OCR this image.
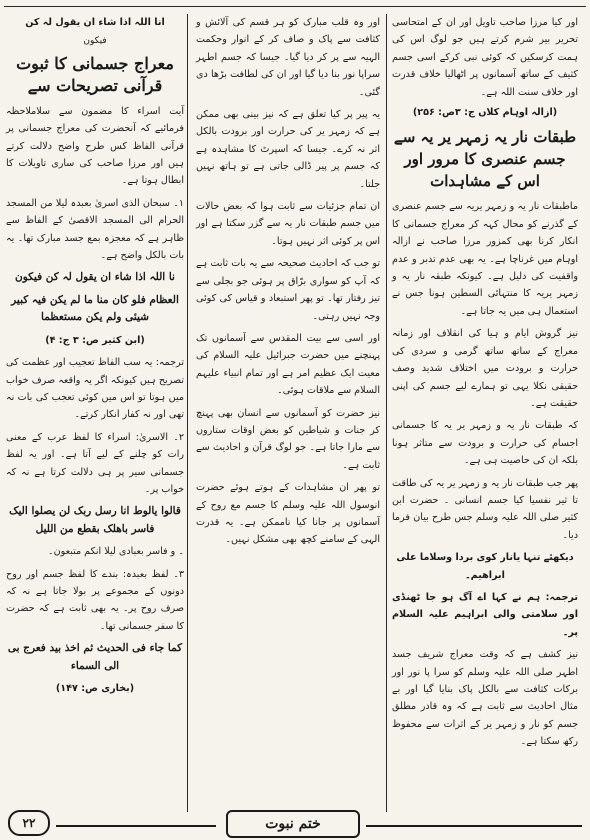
اور کیا مرزا صاحب تاویل اور ان کے امتحاسی تحریر بیر شرم کرتے ہیں جو لوگ اس کی ہمت کرسکیں کہ کوئی نبی کرکے اسی جسم کثیف کے ساتھ آسمانوں پر اٹھالیا خلاف قدرت اور خلاف سنت اللہ ہے۔

(ازالہ اوہام کلاں ج: ۳ص: ۲۵۶)

طبقات نار یہ زمہر یر یہ سے جسم عنصری کا مرور اور اس کے مشاہدات

ماطبقات نار یہ و زمہر یریہ سے جسم عنصری کے گذرنے کو محال کہہ کر معراج جسمانی کا انکار کرنا بھی کمزور مرزا صاحب نے ازالہ اوہام میں غرناچا ہے۔ یہ بھی عدم تدبر و عدم واقفیت کی دلیل ہے۔ کیونکہ طبقہ نار یہ و زمہر یریہ کا منتہائی السطین ہونا جس نے استعمال ہی میں یہ جاتا ہے۔

نیز گروش ایام و ہیا کی انقلاف اور زمانہ معراج کے ساتھ ساتھ گرمی و سردی کی حرارت و برودت میں اختلاف شدید وصف حقیقی نکلا یہی تو ہمارے لیے جسم کی اپنی حقیقت ہے۔

کہ طبقات نار یہ و زمہر یر یہ کا جسمانی اجسام کی حرارت و برودت سے متاثر ہونا بلکہ ان کی حاصیت ہی ہے۔

پھر جب طبقات نار یہ و زمہر یر یہ کی طاقت تا ثیر نفسیا کیا جسم انسانی ۔ حضرت ابن کثیر صلی اللہ علیہ وسلم جس طرح بیان فرما دیا۔

دیکھئے تنہا یانار کوی بردا وسلاما علی ابراھیم۔

ترجمہ: ہم نے کہا اے آگ ہو جا ٹھنڈی اور سلامتی والی ابراہیم علیہ السلام پر۔

نیز کشف ہے کہ وقت معراج شریف جسد اطہر صلی اللہ علیہ وسلم کو سرا پا نور اور برکات کثافت سے بالکل پاک بنایا گیا اور بے مثال احادیث سے ثابت ہے کہ وہ قادر مطلق جسم کو نار و زمہر یر کے اثرات سے محفوظ رکھ سکتا ہے۔

اور وہ قلب مبارک کو ہر قسم کی آلائش و کثافت سے پاک و صاف کر کے انوار وحکمت الہیہ سے پر کر دیا گیا۔ جیسا کہ جسم اطہر سراپا نور بنا دیا گیا اور ان کی لطافت بڑھا دی گئی۔

یہ پیر پر کیا تعلق ہے کہ نیز بینی بھی ممکن ہے کہ زمہر یر کی حرارت اور برودت بالکل اثر نہ کرے۔ جیسا کہ اسپرٹ کا مشاہدہ ہے کہ جسم پر پیر ڈالی جاتی ہے تو ہاتھ نہیں جلتا۔

ان تمام جزئیات سے ثابت ہوا کہ بعض حالات میں جسم طبقات نار یہ سے گزر سکتا ہے اور اس پر کوئی اثر نہیں ہوتا۔

تو جب کہ احادیث صحیحہ سے یہ بات ثابت ہے کہ آپ کو سواری برّاق پر ہوئی جو بجلی سے تیز رفتار تھا۔ تو پھر استبعاد و قیاس کی کوئی وجہ نہیں رہتی۔

اور اسی سے بیت المقدس سے آسمانوں تک پہنچنے میں حضرت جبرائیل علیہ السلام کی معیت ایک عظیم امر ہے اور تمام انبیاء علیہم السلام سے ملاقات ہوئی۔

نیز حضرت کو آسمانوں سے انسان بھی پہنچ کر جنات و شیاطین کو بعض اوقات ستاروں سے مارا جاتا ہے۔ جو لوگ قرآن و احادیث سے ثابت ہے۔

تو پھر ان مشاہدات کے ہوتے ہوئے حضرت انوسول اللہ علیہ وسلم کا جسم مع روح کے آسمانوں پر جانا کیا ناممکن ہے۔ یہ قدرت الہی کے سامنے کچھ بھی مشکل نہیں۔

انا اللہ اذا شاء ان یقول لہ کن
فیکون
معراج جسمانی کا ثبوت قرآنی تصریحات سے

آیت اسراء کا مضمون سے سلاملاحظہ فرمائیے کہ آنحضرت کی معراج جسمانی پر قرآنی الفاظ کس طرح واضح دلالت کرتے ہیں اور مرزا صاحب کی ساری تاویلات کا ابطال ہوتا ہے۔

۱۔ سبحان الذی اسریٰ بعبدہ لیلا من المسجد الحرام الی المسجد الاقصیٰ کے الفاظ سے ظاہر ہے کہ معجزہ بمع جسد مبارک تھا۔ یہ بات بالکل واضح ہے۔

نا اللہ اذا شاء ان یقول لہ کن فیکون

العظام فلو کان منا ما لم یکن فیہ کبیر شیئی ولم یکن مستعظما

(ابن کثیر ص: ۳ ج: ۴)

ترجمہ: یہ سب الفاظ تعجیب اور عظمت کی تصریح ہیں کیونکہ اگر یہ واقعہ صرف خواب میں ہوتا تو اس میں کوئی تعجب کی بات نہ تھی اور نہ کفار انکار کرتے۔

۲۔ الاسریٰ: اسراء کا لفظ عرب کے معنی رات کو چلنے کے لیے آتا ہے۔ اور یہ لفظ جسمانی سیر پر ہی دلالت کرتا ہے نہ کہ خواب پر۔

قالوا یالوط انا رسل ربک لن یصلوا الیک فاسر باھلک بقطع من اللیل

۔ و فاسر بعبادی لیلا انکم متبعون۔

۳۔ لفظ بعبدہ: بندے کا لفظ جسم اور روح دونوں کے مجموعے پر بولا جاتا ہے نہ کہ صرف روح پر۔ یہ بھی ثابت ہے کہ حضرت کا سفر جسمانی تھا۔

کما جاء فی الحدیث ثم اخذ بید فعرج بی الی السماء

(بخاری ص: ۱۴۷)

۲۲	ختم نبوت
